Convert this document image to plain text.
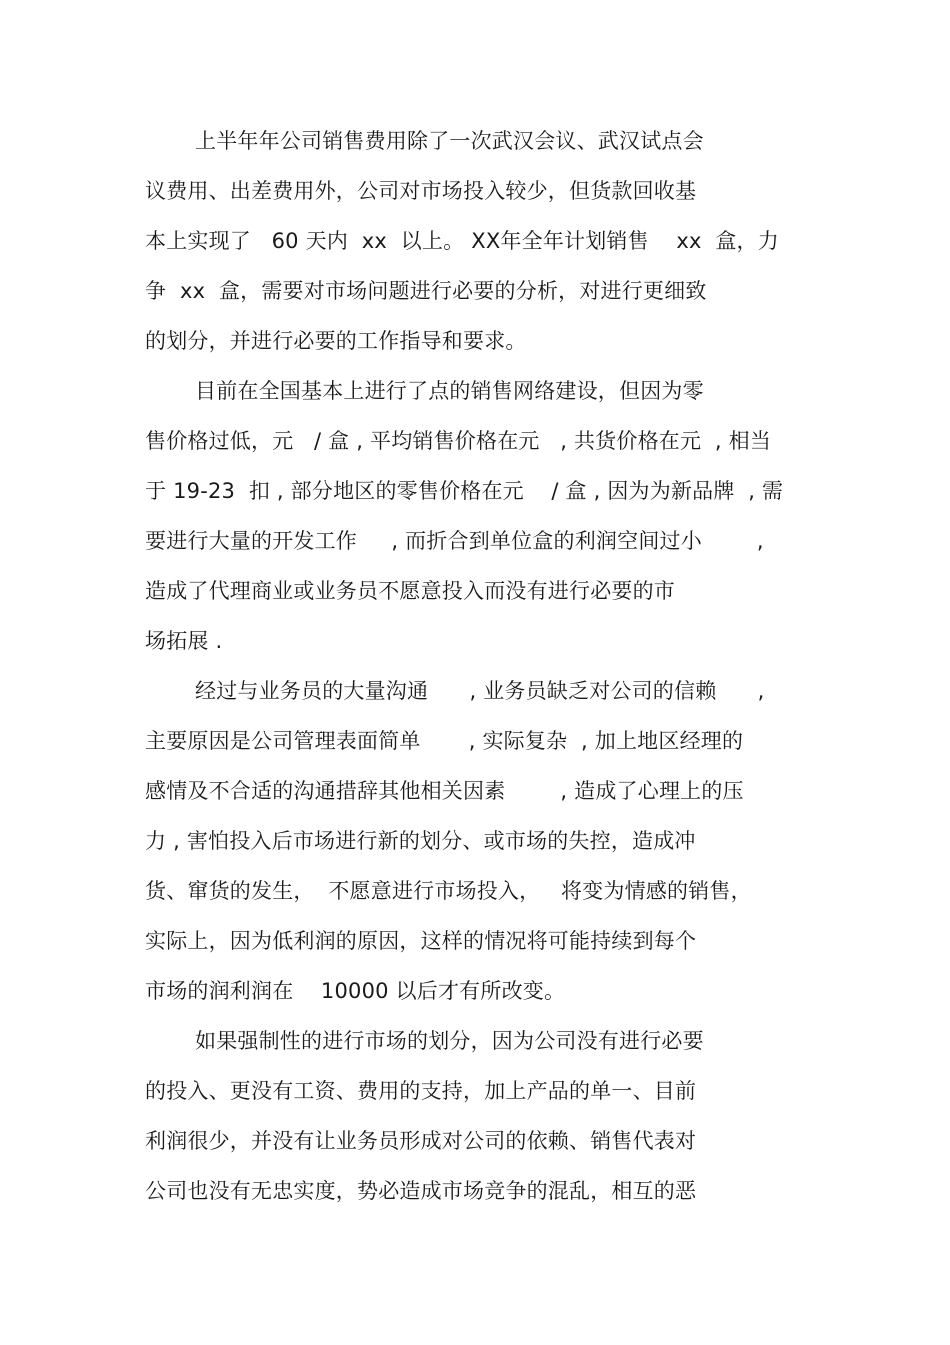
上半年年公司销售费用除了一次武汉会议、武汉试点会
议费用、出差费用外，公司对市场投入较少，但货款回收基
本上实现了   60 天内  xx  以上。 XX年全年计划销售    xx  盒，力
争  xx  盒，需要对市场问题进行必要的分析，对进行更细致
的划分，并进行必要的工作指导和要求。
目前在全国基本上进行了点的销售网络建设，但因为零
售价格过低，元   / 盒 , 平均销售价格在元   , 共货价格在元  , 相当
于 19-23  扣 , 部分地区的零售价格在元    / 盒 , 因为为新品牌  , 需
要进行大量的开发工作     , 而折合到单位盒的利润空间过小        ,
造成了代理商业或业务员不愿意投入而没有进行必要的市
场拓展 .
经过与业务员的大量沟通      , 业务员缺乏对公司的信赖      ,
主要原因是公司管理表面简单       , 实际复杂  , 加上地区经理的
感情及不合适的沟通措辞其他相关因素        , 造成了心理上的压
力 , 害怕投入后市场进行新的划分、或市场的失控，造成冲
货、窜货的发生，  不愿意进行市场投入，   将变为情感的销售，
实际上，因为低利润的原因，这样的情况将可能持续到每个
市场的润利润在    10000 以后才有所改变。
如果强制性的进行市场的划分，因为公司没有进行必要
的投入、更没有工资、费用的支持，加上产品的单一、目前
利润很少，并没有让业务员形成对公司的依赖、销售代表对
公司也没有无忠实度，势必造成市场竞争的混乱，相互的恶
